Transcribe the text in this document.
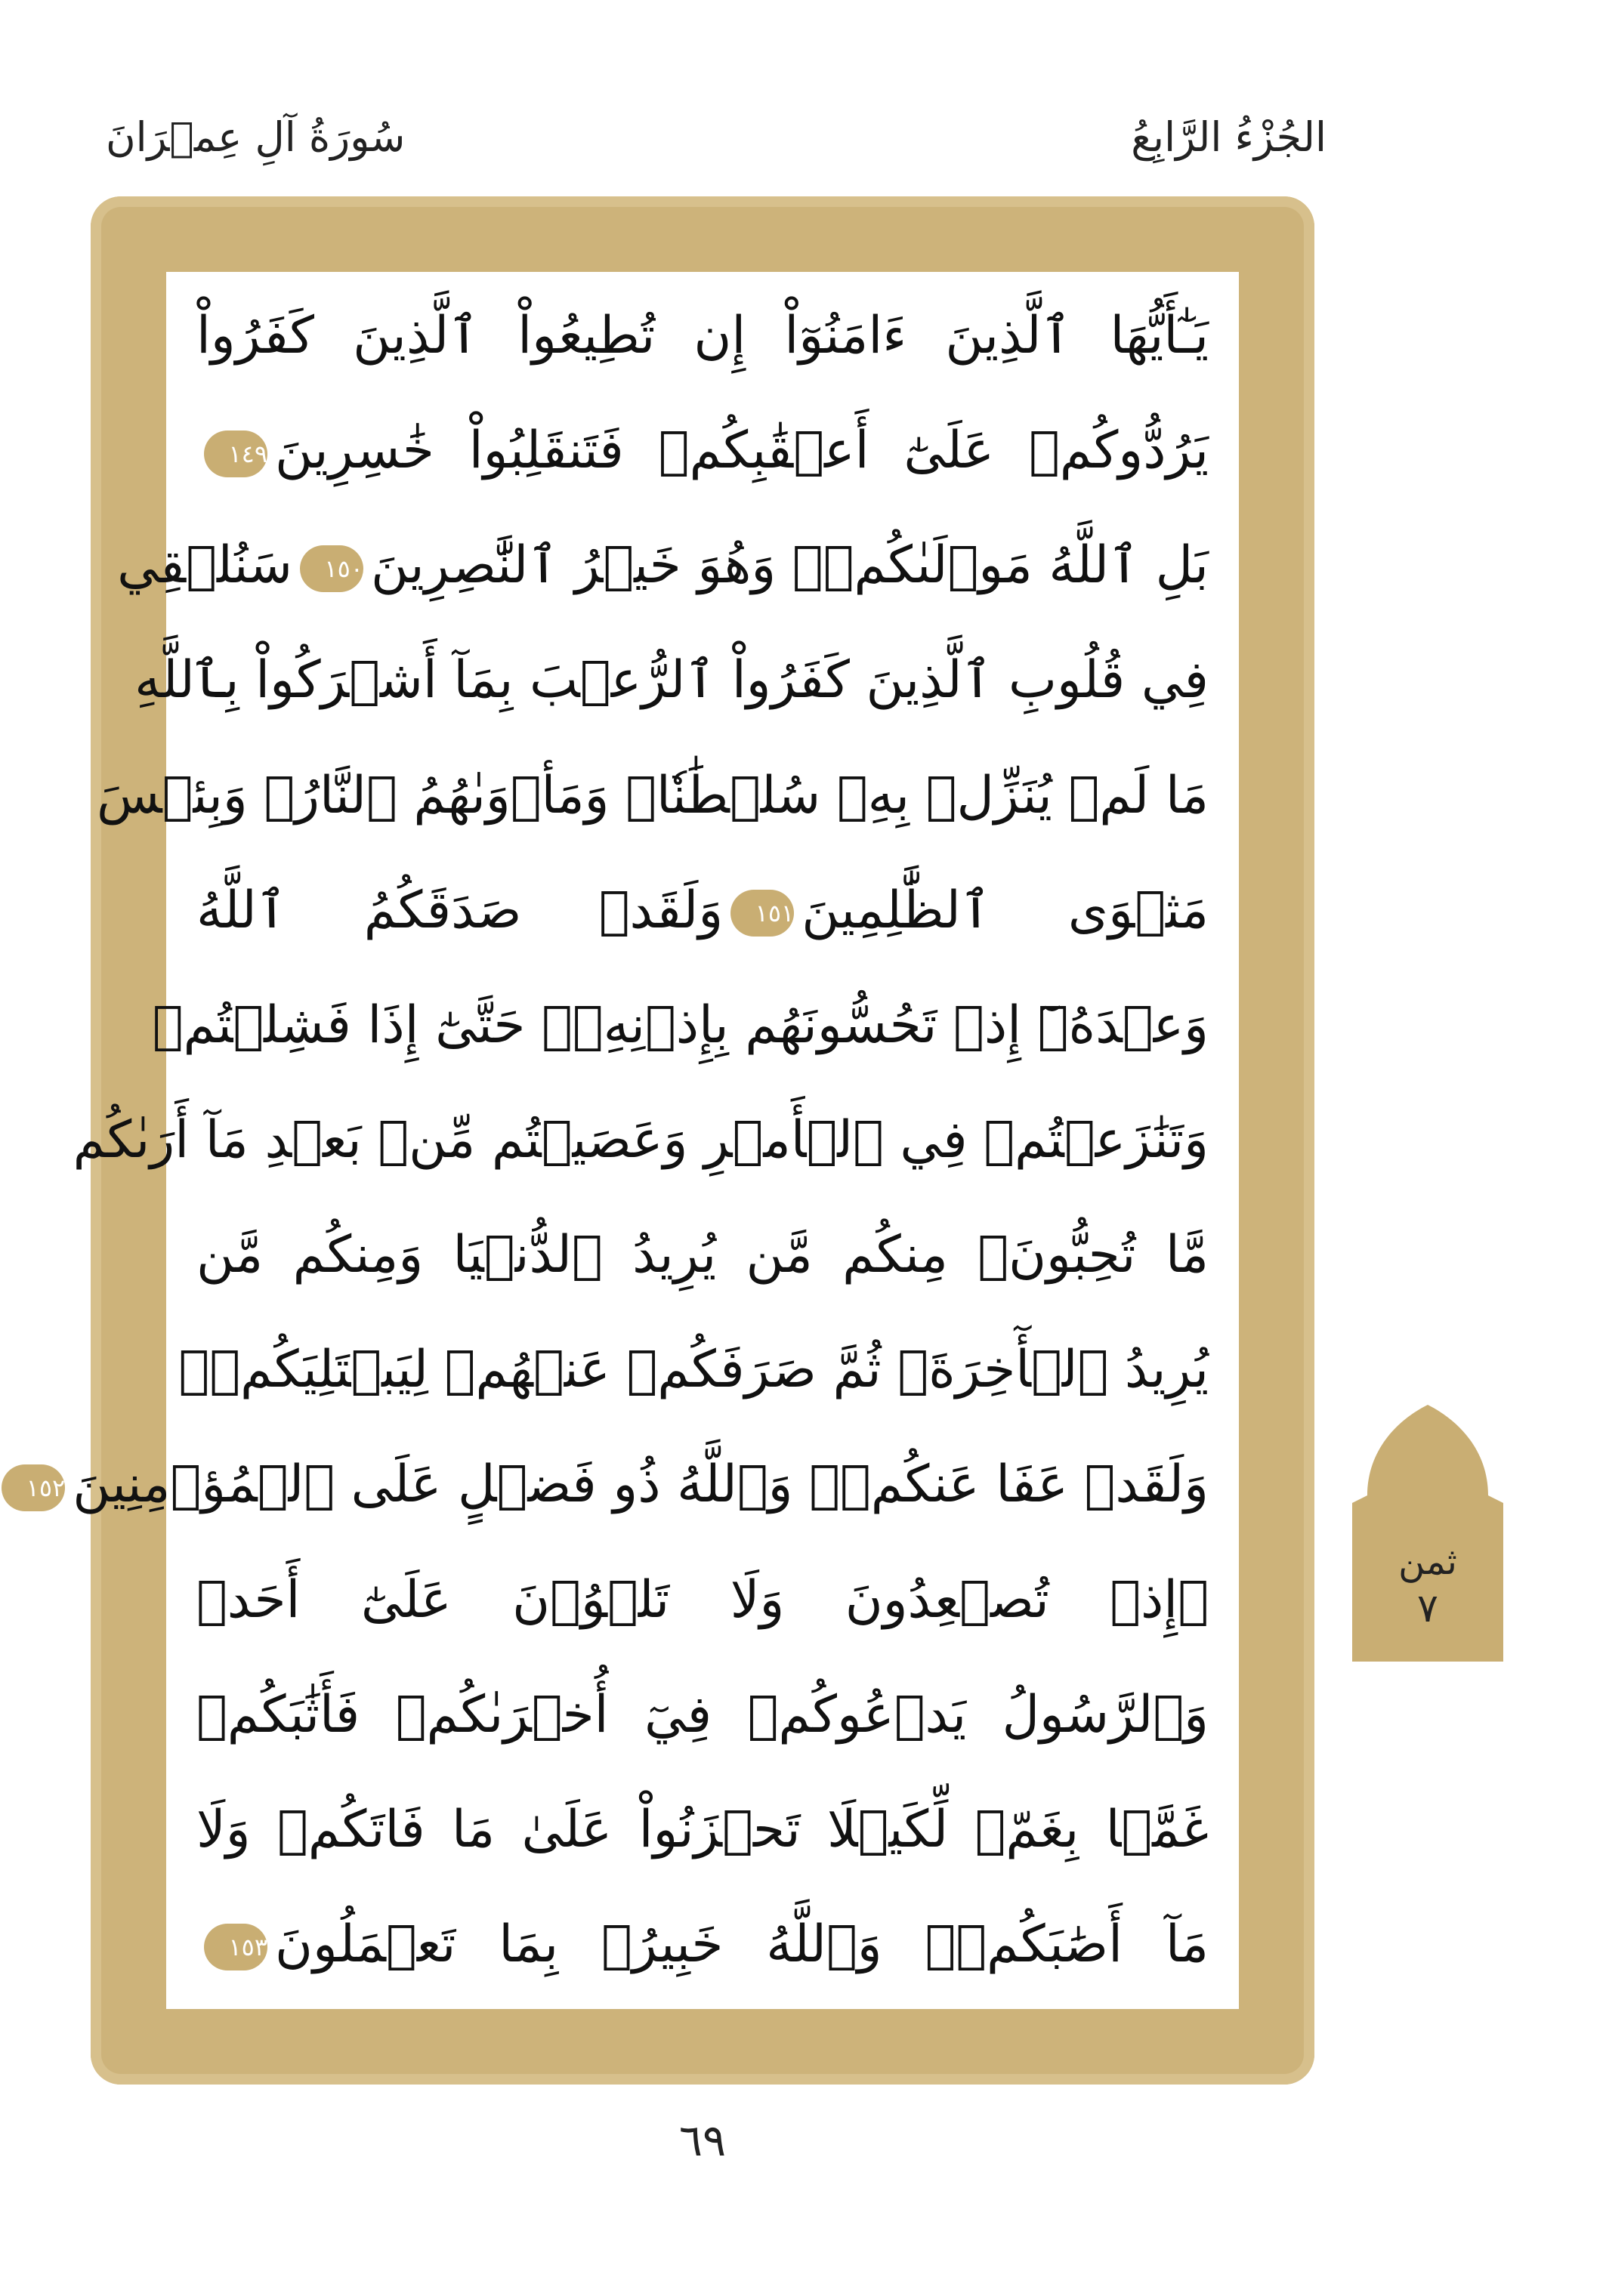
الجُزْءُ الرَّابِعُ
سُورَةُ آلِ عِمۡرَانَ
يَـٰٓأَيُّهَا ٱلَّذِينَ ءَامَنُوٓاْ إِن تُطِيعُواْ ٱلَّذِينَ كَفَرُواْ
يَرُدُّوكُمۡ عَلَىٰٓ أَعۡقَٰبِكُمۡ فَتَنقَلِبُواْ خَٰسِرِينَ١٤٩
بَلِ ٱللَّهُ مَوۡلَىٰكُمۡۖ وَهُوَ خَيۡرُ ٱلنَّٰصِرِينَ١٥٠سَنُلۡقِي
فِي قُلُوبِ ٱلَّذِينَ كَفَرُواْ ٱلرُّعۡبَ بِمَآ أَشۡرَكُواْ بِٱللَّهِ
مَا لَمۡ يُنَزِّلۡ بِهِۦ سُلۡطَٰنٗاۖ وَمَأۡوَىٰهُمُ ٱلنَّارُۖ وَبِئۡسَ
مَثۡوَى ٱلظَّٰلِمِينَ١٥١وَلَقَدۡ صَدَقَكُمُ ٱللَّهُ
وَعۡدَهُۥٓ إِذۡ تَحُسُّونَهُم بِإِذۡنِهِۦۖ حَتَّىٰٓ إِذَا فَشِلۡتُمۡ
وَتَنَٰزَعۡتُمۡ فِي ٱلۡأَمۡرِ وَعَصَيۡتُم مِّنۢ بَعۡدِ مَآ أَرَىٰكُم
مَّا تُحِبُّونَۚ مِنكُم مَّن يُرِيدُ ٱلدُّنۡيَا وَمِنكُم مَّن
يُرِيدُ ٱلۡأٓخِرَةَۚ ثُمَّ صَرَفَكُمۡ عَنۡهُمۡ لِيَبۡتَلِيَكُمۡۖ
وَلَقَدۡ عَفَا عَنكُمۡۗ وَٱللَّهُ ذُو فَضۡلٍ عَلَى ٱلۡمُؤۡمِنِينَ١٥٢
۞إِذۡ تُصۡعِدُونَ وَلَا تَلۡوُۥنَ عَلَىٰٓ أَحَدٖ
وَٱلرَّسُولُ يَدۡعُوكُمۡ فِيٓ أُخۡرَىٰكُمۡ فَأَثَٰبَكُمۡ
غَمَّۢا بِغَمّٖ لِّكَيۡلَا تَحۡزَنُواْ عَلَىٰ مَا فَاتَكُمۡ وَلَا
مَآ أَصَٰبَكُمۡۗ وَٱللَّهُ خَبِيرُۢ بِمَا تَعۡمَلُونَ١٥٣
٦٩
ثمن
٧
